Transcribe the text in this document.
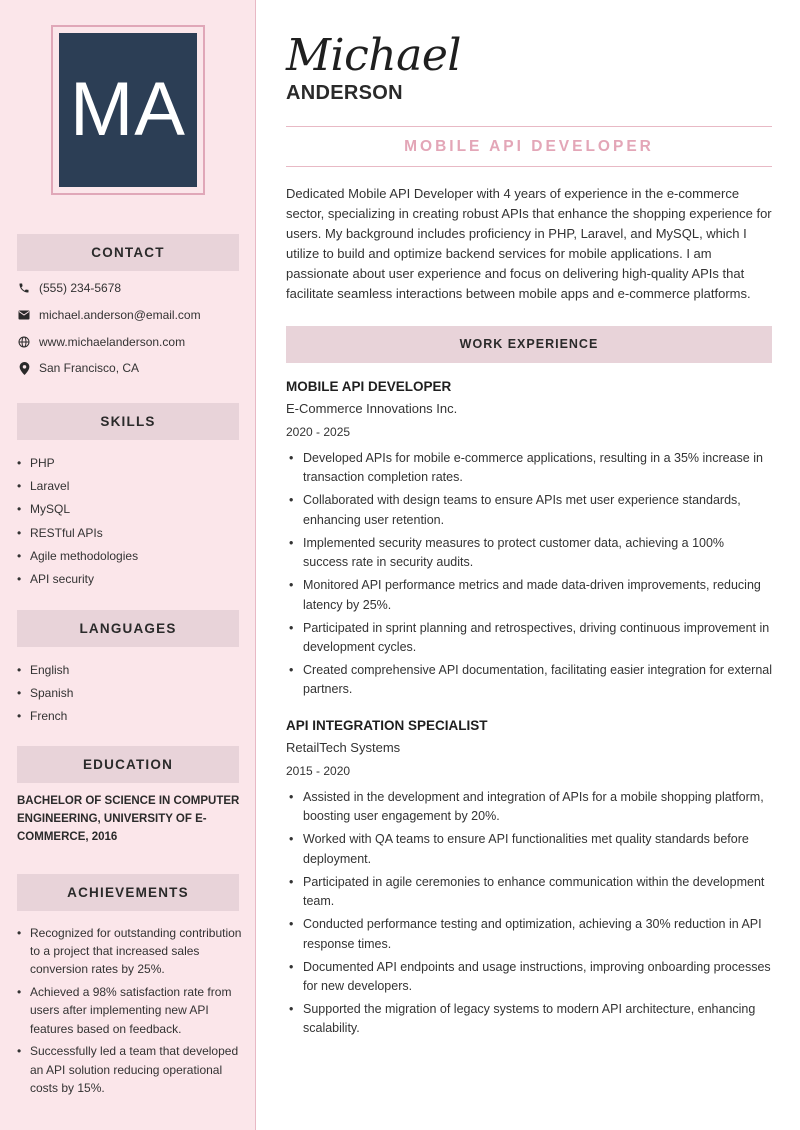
MA
CONTACT
(555) 234-5678
michael.anderson@email.com
www.michaelanderson.com
San Francisco, CA
SKILLS
• PHP
• Laravel
• MySQL
• RESTful APIs
• Agile methodologies
• API security
LANGUAGES
• English
• Spanish
• French
EDUCATION
BACHELOR OF SCIENCE IN COMPUTER ENGINEERING, UNIVERSITY OF E-COMMERCE, 2016
ACHIEVEMENTS
• Recognized for outstanding contribution to a project that increased sales conversion rates by 25%.
• Achieved a 98% satisfaction rate from users after implementing new API features based on feedback.
• Successfully led a team that developed an API solution reducing operational costs by 15%.
Michael
ANDERSON
MOBILE API DEVELOPER
Dedicated Mobile API Developer with 4 years of experience in the e-commerce sector, specializing in creating robust APIs that enhance the shopping experience for users. My background includes proficiency in PHP, Laravel, and MySQL, which I utilize to build and optimize backend services for mobile applications. I am passionate about user experience and focus on delivering high-quality APIs that facilitate seamless interactions between mobile apps and e-commerce platforms.
WORK EXPERIENCE
MOBILE API DEVELOPER
E-Commerce Innovations Inc.
2020 - 2025
• Developed APIs for mobile e-commerce applications, resulting in a 35% increase in transaction completion rates.
• Collaborated with design teams to ensure APIs met user experience standards, enhancing user retention.
• Implemented security measures to protect customer data, achieving a 100% success rate in security audits.
• Monitored API performance metrics and made data-driven improvements, reducing latency by 25%.
• Participated in sprint planning and retrospectives, driving continuous improvement in development cycles.
• Created comprehensive API documentation, facilitating easier integration for external partners.
API INTEGRATION SPECIALIST
RetailTech Systems
2015 - 2020
• Assisted in the development and integration of APIs for a mobile shopping platform, boosting user engagement by 20%.
• Worked with QA teams to ensure API functionalities met quality standards before deployment.
• Participated in agile ceremonies to enhance communication within the development team.
• Conducted performance testing and optimization, achieving a 30% reduction in API response times.
• Documented API endpoints and usage instructions, improving onboarding processes for new developers.
• Supported the migration of legacy systems to modern API architecture, enhancing scalability.
